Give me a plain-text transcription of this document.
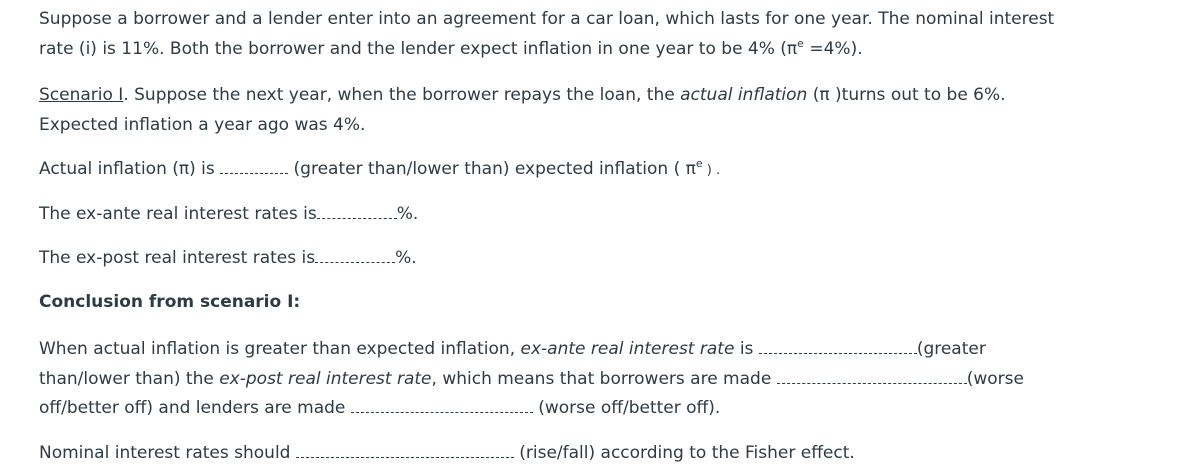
Suppose a borrower and a lender enter into an agreement for a car loan, which lasts for one year. The nominal interest
rate (i) is 11%. Both the borrower and the lender expect inflation in one year to be 4% $(\pi^e =4\%)$.
Scenario I. Suppose the next year, when the borrower repays the loan, the actual inflation (π )turns out to be 6%.
Expected inflation a year ago was 4%.
Actual inflation (π) is	(greater than/lower than) expected inflation ( $\pi^e$ ) .
The ex-ante real interest rates is	%.
The ex-post real interest rates is	%.
Conclusion from scenario I:
When actual inflation is greater than expected inflation, ex-ante real interest rate is	(greater
than/lower than) the ex-post real interest rate, which means that borrowers are made	(worse
off/better off) and lenders are made	(worse off/better off).
Nominal interest rates should	(rise/fall) according to the Fisher effect.
